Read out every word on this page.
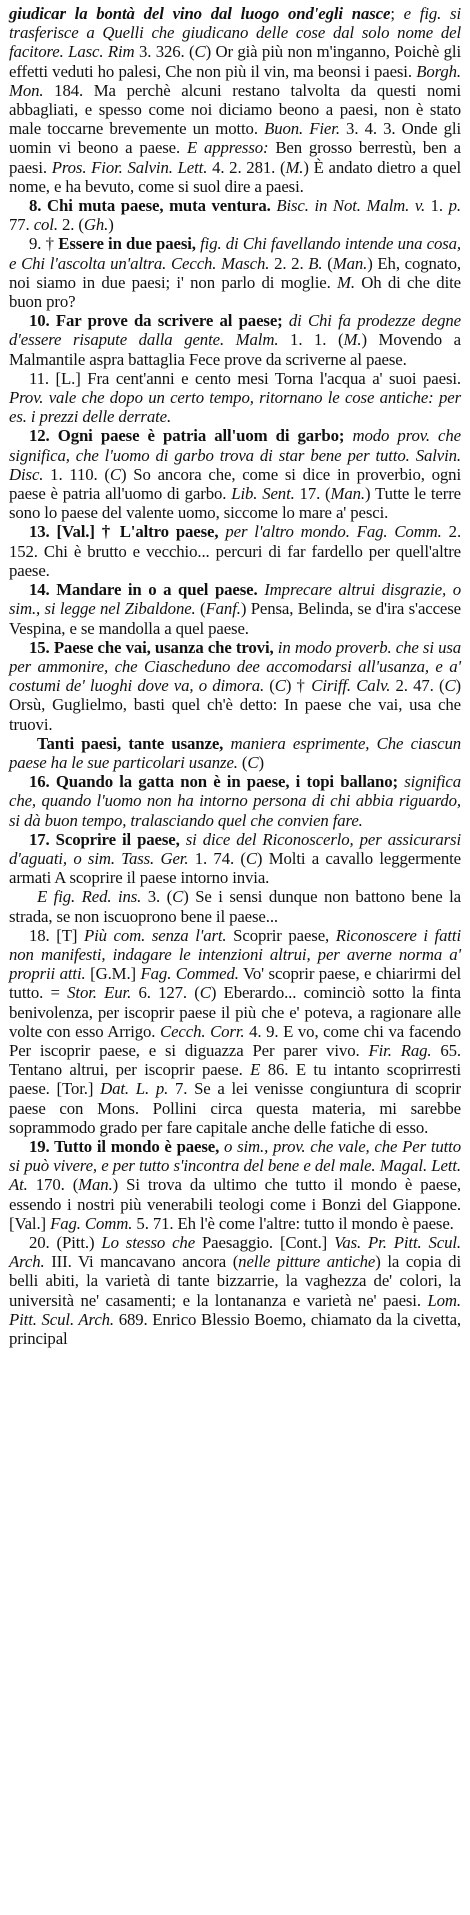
giudicar la bontà del vino dal luogo ond'egli nasce; e fig. si trasferisce a Quelli che giudicano delle cose dal solo nome del facitore. Lasc. Rim 3. 326. (C) Or già più non m'inganno, Poichè gli effetti veduti ho palesi, Che non più il vin, ma beonsi i paesi. Borgh. Mon. 184. Ma perchè alcuni restano talvolta da questi nomi abbagliati, e spesso come noi diciamo beono a paesi, non è stato male toccarne brevemente un motto. Buon. Fier. 3. 4. 3. Onde gli uomin vi beono a paese. E appresso: Ben grosso berrestù, ben a paesi. Pros. Fior. Salvin. Lett. 4. 2. 281. (M.) È andato dietro a quel nome, e ha bevuto, come si suol dire a paesi.

8. Chi muta paese, muta ventura. Bisc. in Not. Malm. v. 1. p. 77. col. 2. (Gh.)

9. † Essere in due paesi, fig. di Chi favellando intende una cosa, e Chi l'ascolta un'altra. Cecch. Masch. 2. 2. B. (Man.) Eh, cognato, noi siamo in due paesi; i' non parlo di moglie. M. Oh di che dite buon pro?

10. Far prove da scrivere al paese; di Chi fa prodezze degne d'essere risapute dalla gente. Malm. 1. 1. (M.) Movendo a Malmantile aspra battaglia Fece prove da scriverne al paese.

11. [L.] Fra cent'anni e cento mesi Torna l'acqua a' suoi paesi. Prov. vale che dopo un certo tempo, ritornano le cose antiche: per es. i prezzi delle derrate.

12. Ogni paese è patria all'uom di garbo; modo prov. che significa, che l'uomo di garbo trova di star bene per tutto. Salvin. Disc. 1. 110. (C) So ancora che, come si dice in proverbio, ogni paese è patria all'uomo di garbo. Lib. Sent. 17. (Man.) Tutte le terre sono lo paese del valente uomo, siccome lo mare a' pesci.

13. [Val.] † L'altro paese, per l'altro mondo. Fag. Comm. 2. 152. Chi è brutto e vecchio... percuri di far fardello per quell'altre paese.

14. Mandare in o a quel paese. Imprecare altrui disgrazie, o sim., si legge nel Zibaldone. (Fanf.) Pensa, Belinda, se d'ira s'accese Vespina, e se mandolla a quel paese.

15. Paese che vai, usanza che trovi, in modo proverb. che si usa per ammonire, che Ciascheduno dee accomodarsi all'usanza, e a' costumi de' luoghi dove va, o dimora. (C) † Ciriff. Calv. 2. 47. (C) Orsù, Guglielmo, basti quel ch'è detto: In paese che vai, usa che truovi.

Tanti paesi, tante usanze, maniera esprimente, Che ciascun paese ha le sue particolari usanze. (C)

16. Quando la gatta non è in paese, i topi ballano; significa che, quando l'uomo non ha intorno persona di chi abbia riguardo, si dà buon tempo, tralasciando quel che convien fare.

17. Scoprire il paese, si dice del Riconoscerlo, per assicurarsi d'aguati, o sim. Tass. Ger. 1. 74. (C) Molti a cavallo leggermente armati A scoprire il paese intorno invia.

E fig. Red. ins. 3. (C) Se i sensi dunque non battono bene la strada, se non iscuoprono bene il paese...

18. [T] Più com. senza l'art. Scoprir paese, Riconoscere i fatti non manifesti, indagare le intenzioni altrui, per averne norma a' proprii atti. [G.M.] Fag. Commed. Vo' scoprir paese, e chiarirmi del tutto. = Stor. Eur. 6. 127. (C) Eberardo... cominciò sotto la finta benivolenza, per iscoprir paese il più che e' poteva, a ragionare alle volte con esso Arrigo. Cecch. Corr. 4. 9. E vo, come chi va facendo Per iscoprir paese, e si diguazza Per parer vivo. Fir. Rag. 65. Tentano altrui, per iscoprir paese. E 86. E tu intanto scoprirresti paese. [Tor.] Dat. L. p. 7. Se a lei venisse congiuntura di scoprir paese con Mons. Pollini circa questa materia, mi sarebbe soprammodo grado per fare capitale anche delle fatiche di esso.

19. Tutto il mondo è paese, o sim., prov. che vale, che Per tutto si può vivere, e per tutto s'incontra del bene e del male. Magal. Lett. At. 170. (Man.) Si trova da ultimo che tutto il mondo è paese, essendo i nostri più venerabili teologi come i Bonzi del Giappone. [Val.] Fag. Comm. 5. 71. Eh l'è come l'altre: tutto il mondo è paese.

20. (Pitt.) Lo stesso che Paesaggio. [Cont.] Vas. Pr. Pitt. Scul. Arch. III. Vi mancavano ancora (nelle pitture antiche) la copia di belli abiti, la varietà di tante bizzarrie, la vaghezza de' colori, la università ne' casamenti; e la lontananza e varietà ne' paesi. Lom. Pitt. Scul. Arch. 689. Enrico Blessio Boemo, chiamato da la civetta, principal
